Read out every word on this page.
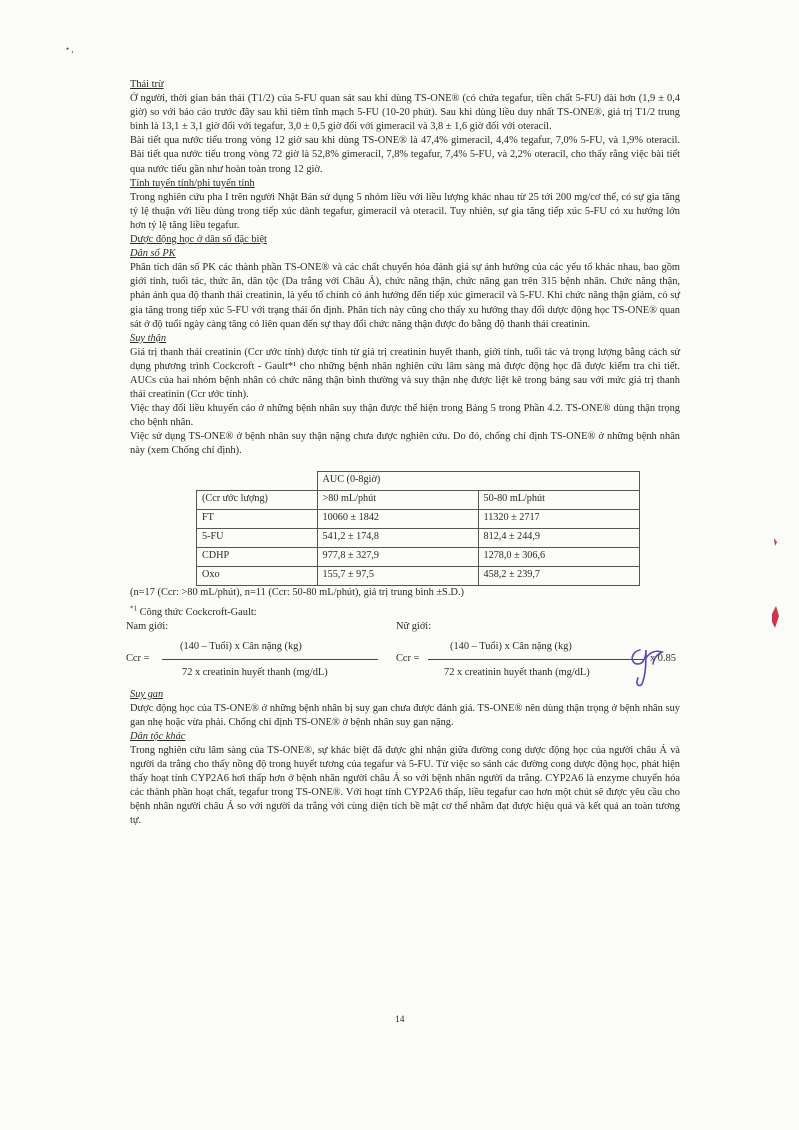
• ,

Thải trừ

Ở người, thời gian bán thải (T1/2) của 5-FU quan sát sau khi dùng TS-ONE® (có chứa tegafur, tiền chất 5-FU) dài hơn (1,9 ± 0,4 giờ) so với báo cáo trước đây sau khi tiêm tĩnh mạch 5-FU (10-20 phút). Sau khi dùng liều duy nhất TS-ONE®, giá trị T1/2 trung bình là 13,1 ± 3,1 giờ đối với tegafur, 3,0 ± 0,5 giờ đối với gimeracil và 3,8 ± 1,6 giờ đối với oteracil.

Bài tiết qua nước tiểu trong vòng 12 giờ sau khi dùng TS-ONE® là 47,4% gimeracil, 4,4% tegafur, 7,0% 5-FU, và 1,9% oteracil. Bài tiết qua nước tiểu trong vòng 72 giờ là 52,8% gimeracil, 7,8% tegafur, 7,4% 5-FU, và 2,2% oteracil, cho thấy rằng việc bài tiết qua nước tiểu gần như hoàn toàn trong 12 giờ.

Tính tuyến tính/phi tuyến tính

Trong nghiên cứu pha I trên người Nhật Bản sử dụng 5 nhóm liều với liều lượng khác nhau từ 25 tới 200 mg/cơ thể, có sự gia tăng tỷ lệ thuận với liều dùng trong tiếp xúc dành tegafur, gimeracil và oteracil. Tuy nhiên, sự gia tăng tiếp xúc 5-FU có xu hướng lớn hơn tỷ lệ tăng liều tegafur.

Dược động học ở dân số đặc biệt

Dân số PK

Phân tích dân số PK các thành phần TS-ONE® và các chất chuyển hóa đánh giá sự ảnh hưởng của các yếu tố khác nhau, bao gồm giới tính, tuổi tác, thức ăn, dân tộc (Da trắng với Châu Á), chức năng thận, chức năng gan trên 315 bệnh nhân. Chức năng thận, phản ánh qua độ thanh thải creatinin, là yếu tố chính có ảnh hưởng đến tiếp xúc gimeracil và 5-FU. Khi chức năng thận giảm, có sự gia tăng trong tiếp xúc 5-FU với trạng thái ổn định. Phân tích này cũng cho thấy xu hướng thay đổi dược động học TS-ONE® quan sát ở độ tuổi ngày càng tăng có liên quan đến sự thay đổi chức năng thận được đo bằng độ thanh thải creatinin.

Suy thận

Giá trị thanh thải creatinin (Ccr ước tính) được tính từ giá trị creatinin huyết thanh, giới tính, tuổi tác và trọng lượng bằng cách sử dụng phương trình Cockcroft - Gault*¹ cho những bệnh nhân nghiên cứu lâm sàng mà được động học đã được kiểm tra chi tiết. AUCs của hai nhóm bệnh nhân có chức năng thận bình thường và suy thận nhẹ được liệt kê trong bảng sau với mức giá trị thanh thải creatinin (Ccr ước tính).

Việc thay đổi liều khuyến cáo ở những bệnh nhân suy thận được thể hiện trong Bảng 5 trong Phần 4.2. TS-ONE® dùng thận trọng cho bệnh nhân.

Việc sử dụng TS-ONE® ở bệnh nhân suy thận nặng chưa được nghiên cứu. Do đó, chống chỉ định TS-ONE® ở những bệnh nhân này (xem Chống chỉ định).

	AUC (0-8giờ)	
(Ccr ước lượng)	>80 mL/phút	50-80 mL/phút
FT	10060 ± 1842	11320 ± 2717
5-FU	541,2 ± 174,8	812,4 ± 244,9
CDHP	977,8 ± 327,9	1278,0 ± 306,6
Oxo	155,7 ± 97,5	458,2 ± 239,7

(n=17 (Ccr: >80 mL/phút), n=11 (Ccr: 50-80 mL/phút), giá trị trung bình ±S.D.)

$^{*1}$ Công thức Cockcroft-Gault:
Nam giới:	Nữ giới:
Ccr =
(140 – Tuổi) x Cân nặng (kg)
72 x creatinin huyết thanh (mg/dL)
Ccr =
(140 – Tuổi) x Cân nặng (kg)
72 x creatinin huyết thanh (mg/dL)
x 0.85

Suy gan

Dược động học của TS-ONE® ở những bệnh nhân bị suy gan chưa được đánh giá. TS-ONE® nên dùng thận trọng ở bệnh nhân suy gan nhẹ hoặc vừa phải. Chống chỉ định TS-ONE® ở bệnh nhân suy gan nặng.

Dân tộc khác

Trong nghiên cứu lâm sàng của TS-ONE®, sự khác biệt đã được ghi nhận giữa đường cong dược động học của người châu Á và người da trắng cho thấy nồng độ trong huyết tương của tegafur và 5-FU. Từ việc so sánh các đường cong dược động học, phát hiện thấy hoạt tính CYP2A6 hơi thấp hơn ở bệnh nhân người châu Á so với bệnh nhân người da trắng. CYP2A6 là enzyme chuyển hóa các thành phần hoạt chất, tegafur trong TS-ONE®. Với hoạt tính CYP2A6 thấp, liều tegafur cao hơn một chút sẽ được yêu cầu cho bệnh nhân người châu Á so với người da trắng với cùng diện tích bề mặt cơ thể nhằm đạt được hiệu quả và kết quả an toàn tương tự.

14
